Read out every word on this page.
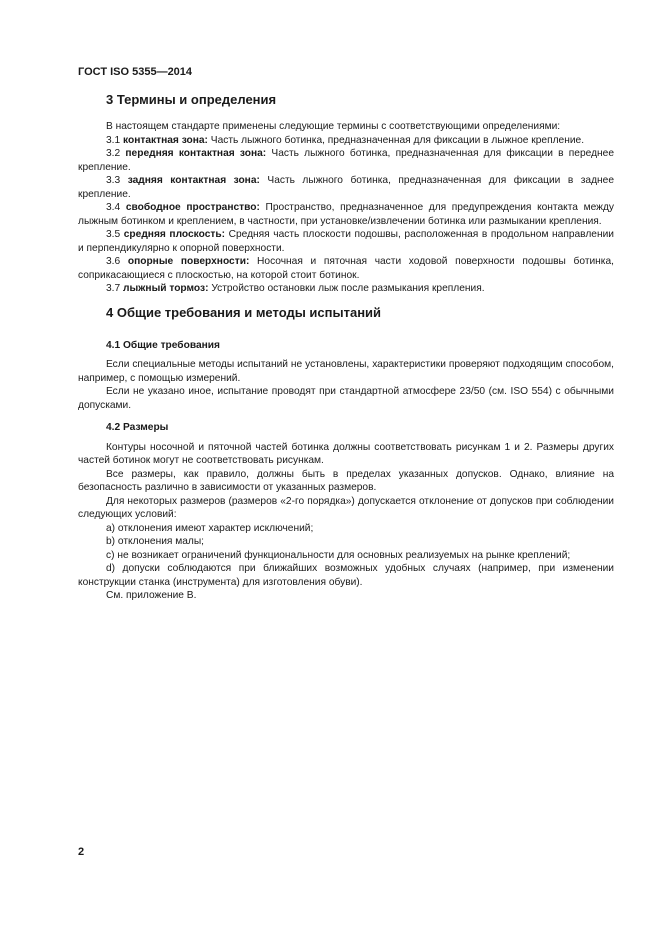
ГОСТ ISO 5355—2014
3 Термины и определения

В настоящем стандарте применены следующие термины с соответствующими определениями:

3.1 контактная зона: Часть лыжного ботинка, предназначенная для фиксации в лыжное крепление.

3.2 передняя контактная зона: Часть лыжного ботинка, предназначенная для фиксации в переднее крепление.

3.3 задняя контактная зона: Часть лыжного ботинка, предназначенная для фиксации в заднее крепление.

3.4 свободное пространство: Пространство, предназначенное для предупреждения контакта между лыжным ботинком и креплением, в частности, при установке/извлечении ботинка или размыкании крепления.

3.5 средняя плоскость: Средняя часть плоскости подошвы, расположенная в продольном направлении и перпендикулярно к опорной поверхности.

3.6 опорные поверхности: Носочная и пяточная части ходовой поверхности подошвы ботинка, соприкасающиеся с плоскостью, на которой стоит ботинок.

3.7 лыжный тормоз: Устройство остановки лыж после размыкания крепления.

4 Общие требования и методы испытаний
4.1 Общие требования

Если специальные методы испытаний не установлены, характеристики проверяют подходящим способом, например, с помощью измерений.

Если не указано иное, испытание проводят при стандартной атмосфере 23/50 (см. ISO 554) с обычными допусками.

4.2 Размеры

Контуры носочной и пяточной частей ботинка должны соответствовать рисункам 1 и 2. Размеры других частей ботинок могут не соответствовать рисункам.

Все размеры, как правило, должны быть в пределах указанных допусков. Однако, влияние на безопасность различно в зависимости от указанных размеров.

Для некоторых размеров (размеров «2-го порядка») допускается отклонение от допусков при соблюдении следующих условий:

a) отклонения имеют характер исключений;

b) отклонения малы;

c) не возникает ограничений функциональности для основных реализуемых на рынке креплений;

d) допуски соблюдаются при ближайших возможных удобных случаях (например, при изменении конструкции станка (инструмента) для изготовления обуви).

См. приложение В.

2
